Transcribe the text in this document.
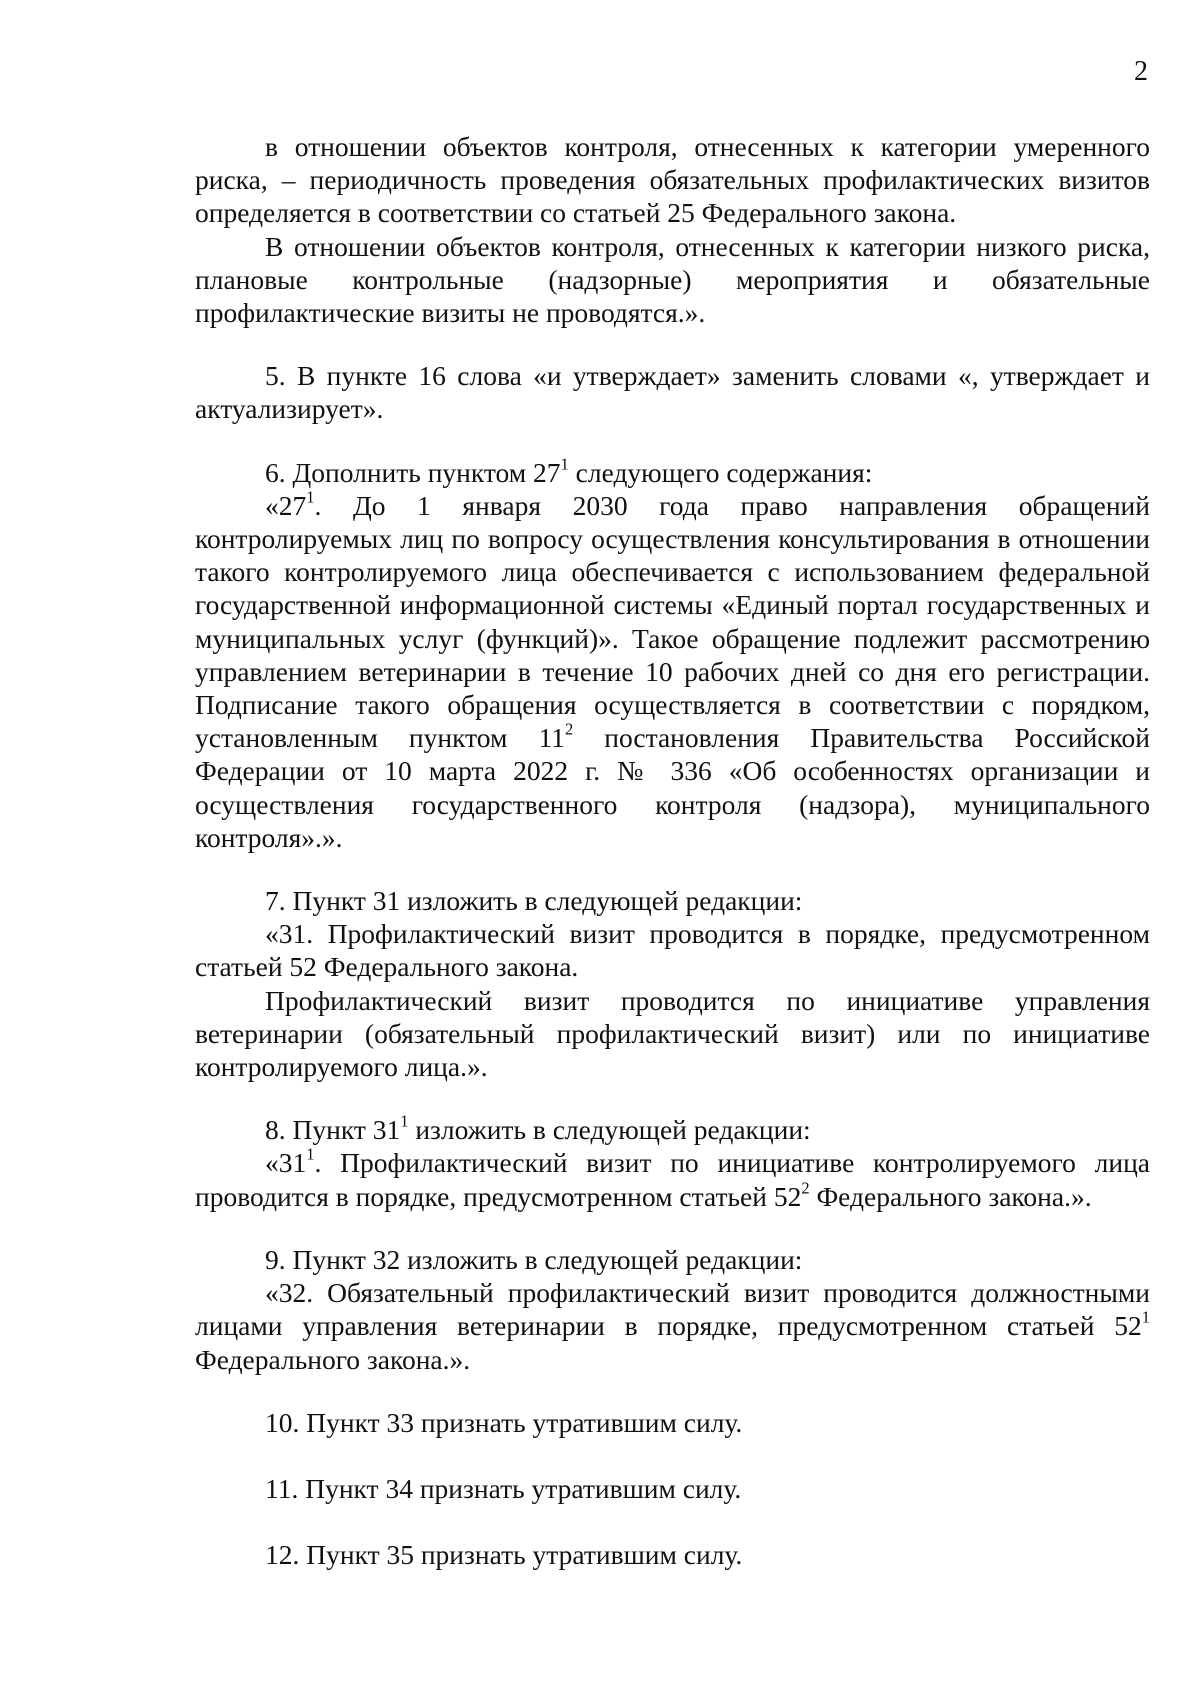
2

в отношении объектов контроля, отнесенных к категории умеренного риска, – периодичность проведения обязательных профилактических визитов определяется в соответствии со статьей 25 Федерального закона.

В отношении объектов контроля, отнесенных к категории низкого риска, плановые контрольные (надзорные) мероприятия и обязательные профилактические визиты не проводятся.».

5. В пункте 16 слова «и утверждает» заменить словами «, утверждает и актуализирует».

6. Дополнить пунктом $27^1$ следующего содержания:

«$27^1$. До 1 января 2030 года право направления обращений контролируемых лиц по вопросу осуществления консультирования в отношении такого контролируемого лица обеспечивается с использованием федеральной государственной информационной системы «Единый портал государственных и муниципальных услуг (функций)». Такое обращение подлежит рассмотрению управлением ветеринарии в течение 10 рабочих дней со дня его регистрации. Подписание такого обращения осуществляется в соответствии с порядком, установленным пунктом $11^2$ постановления Правительства Российской Федерации от 10 марта 2022 г. № 336 «Об особенностях организации и осуществления государственного контроля (надзора), муниципального контроля».».

7. Пункт 31 изложить в следующей редакции:

«31. Профилактический визит проводится в порядке, предусмотренном статьей 52 Федерального закона.

Профилактический визит проводится по инициативе управления ветеринарии (обязательный профилактический визит) или по инициативе контролируемого лица.».

8. Пункт $31^1$ изложить в следующей редакции:

«$31^1$. Профилактический визит по инициативе контролируемого лица проводится в порядке, предусмотренном статьей $52^2$ Федерального закона.».

9. Пункт 32 изложить в следующей редакции:

«32. Обязательный профилактический визит проводится должностными лицами управления ветеринарии в порядке, предусмотренном статьей $52^1$ Федерального закона.».

10. Пункт 33 признать утратившим силу.

11. Пункт 34 признать утратившим силу.

12. Пункт 35 признать утратившим силу.
